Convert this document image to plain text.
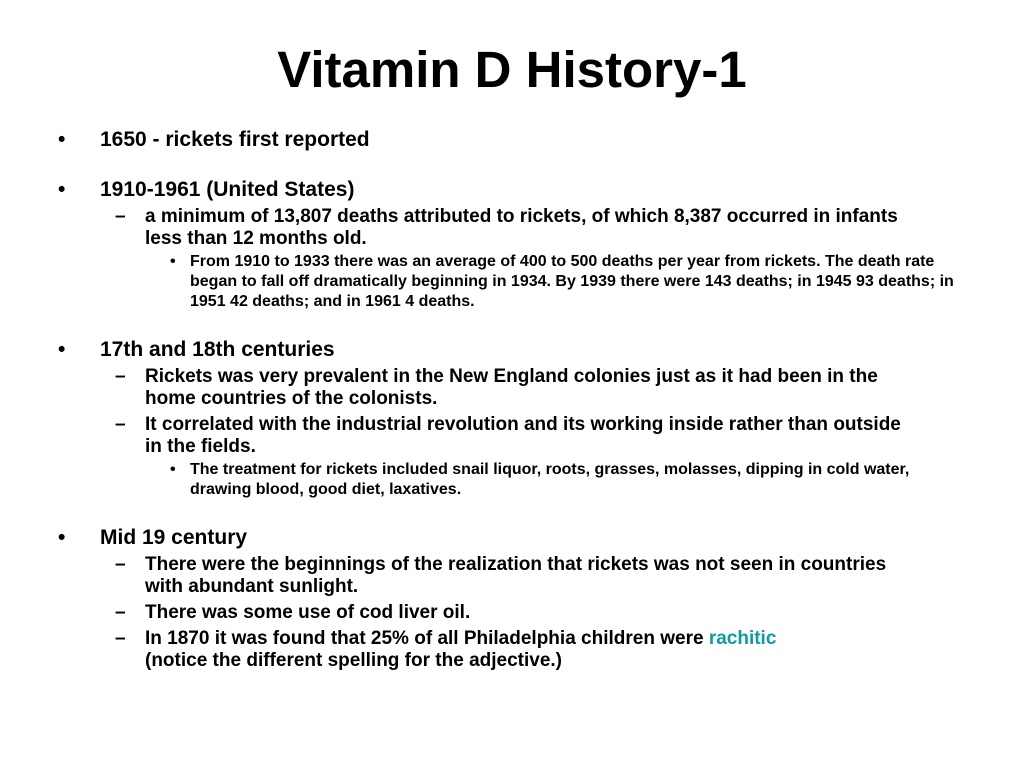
Vitamin D History-1
•	1650 - rickets first reported
•	1910-1961 (United States)
– a minimum of 13,807 deaths attributed to rickets, of which 8,387 occurred in infants less than 12 months old.
• From 1910 to 1933 there was an average of 400 to 500 deaths per year from rickets. The death rate began to fall off dramatically beginning in 1934. By 1939 there were 143 deaths; in 1945 93 deaths; in 1951 42 deaths; and in 1961 4 deaths.
•	17th and 18th centuries
– Rickets was very prevalent in the New England colonies just as it had been in the home countries of the colonists.
– It correlated with the industrial revolution and its working inside rather than outside in the fields.
• The treatment for rickets included snail liquor, roots, grasses, molasses, dipping in cold water, drawing blood, good diet, laxatives.
•	Mid 19 century
– There were the beginnings of the realization that rickets was not seen in countries with abundant sunlight.
– There was some use of cod liver oil.
– In 1870 it was found that 25% of all Philadelphia children were rachitic
(notice the different spelling for the adjective.)
